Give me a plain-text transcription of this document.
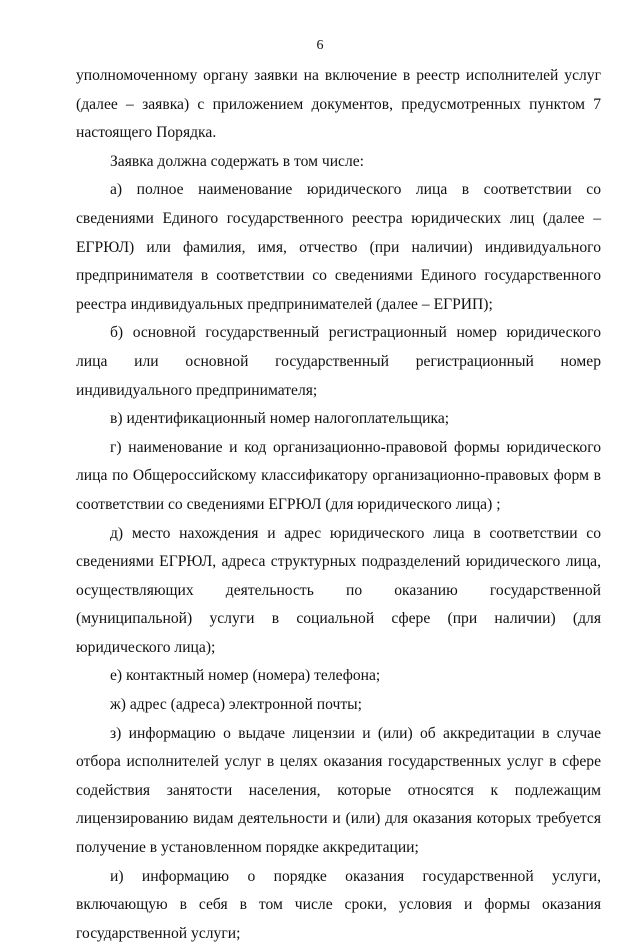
6

уполномоченному органу заявки на включение в реестр исполнителей услуг (далее – заявка) с приложением документов, предусмотренных пунктом 7 настоящего Порядка.

Заявка должна содержать в том числе:

а) полное наименование юридического лица в соответствии со сведениями Единого государственного реестра юридических лиц (далее – ЕГРЮЛ) или фамилия, имя, отчество (при наличии) индивидуального предпринимателя в соответствии со сведениями Единого государственного реестра индивидуальных предпринимателей (далее – ЕГРИП);

б) основной государственный регистрационный номер юридического лица или основной государственный регистрационный номер индивидуального предпринимателя;

в) идентификационный номер налогоплательщика;

г) наименование и код организационно-правовой формы юридического лица по Общероссийскому классификатору организационно-правовых форм в соответствии со сведениями ЕГРЮЛ (для юридического лица) ;

д) место нахождения и адрес юридического лица в соответствии со сведениями ЕГРЮЛ, адреса структурных подразделений юридического лица, осуществляющих деятельность по оказанию государственной (муниципальной) услуги в социальной сфере (при наличии) (для юридического лица);

е) контактный номер (номера) телефона;

ж) адрес (адреса) электронной почты;

з) информацию о выдаче лицензии и (или) об аккредитации в случае отбора исполнителей услуг в целях оказания государственных услуг в сфере содействия занятости населения, которые относятся к подлежащим лицензированию видам деятельности и (или) для оказания которых требуется получение в установленном порядке аккредитации;

и) информацию о порядке оказания государственной услуги, включающую в себя в том числе сроки, условия и формы оказания государственной услуги;
